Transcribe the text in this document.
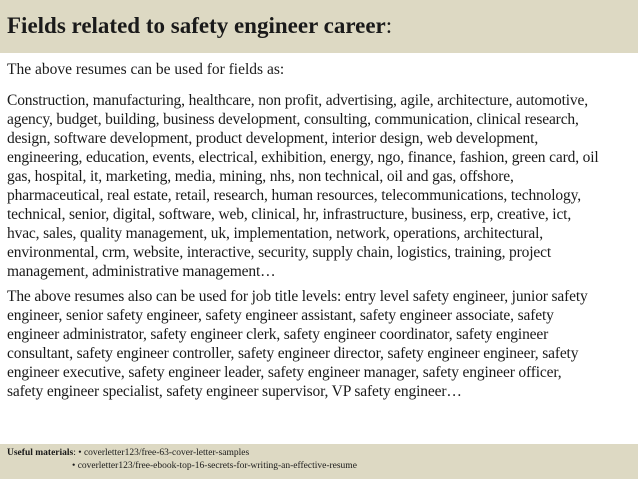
Fields related to safety engineer career:

The above resumes can be used for fields as:

Construction, manufacturing, healthcare, non profit, advertising, agile, architecture, automotive,
agency, budget, building, business development, consulting, communication, clinical research,
design, software development, product development, interior design, web development,
engineering, education, events, electrical, exhibition, energy, ngo, finance, fashion, green card, oil
gas, hospital, it, marketing, media, mining, nhs, non technical, oil and gas, offshore,
pharmaceutical, real estate, retail, research, human resources, telecommunications, technology,
technical, senior, digital, software, web, clinical, hr, infrastructure, business, erp, creative, ict,
hvac, sales, quality management, uk, implementation, network, operations, architectural,
environmental, crm, website, interactive, security, supply chain, logistics, training, project
management, administrative management…

The above resumes also can be used for job title levels: entry level safety engineer, junior safety
engineer, senior safety engineer, safety engineer assistant, safety engineer associate, safety
engineer administrator, safety engineer clerk, safety engineer coordinator, safety engineer
consultant, safety engineer controller, safety engineer director, safety engineer engineer, safety
engineer executive, safety engineer leader, safety engineer manager, safety engineer officer,
safety engineer specialist, safety engineer supervisor, VP safety engineer…

Useful materials: • coverletter123/free-63-cover-letter-samples
• coverletter123/free-ebook-top-16-secrets-for-writing-an-effective-resume
